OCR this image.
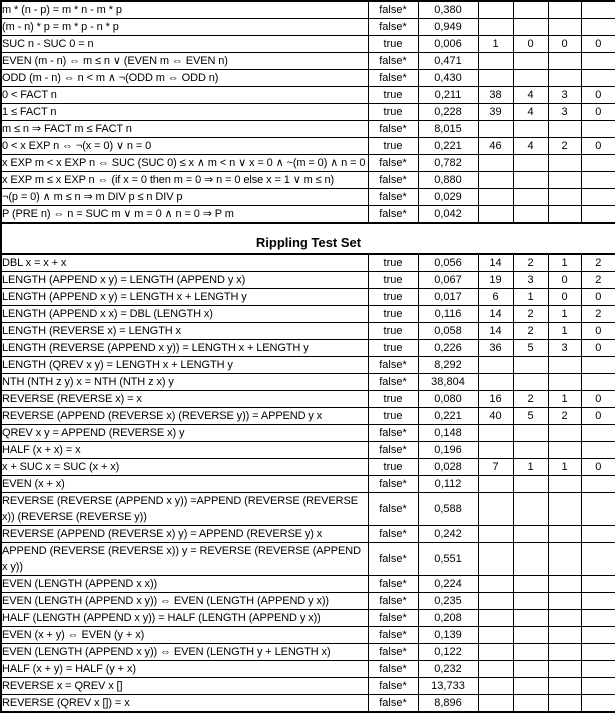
m * (n - p) = m * n - m * p	false*	0,380				
(m - n) * p = m * p - n * p	false*	0,949				
SUC n - SUC 0 = n	true	0,006	1	0	0	0
EVEN (m - n) ⇔ m ≤ n ∨ (EVEN m ⇔ EVEN n)	false*	0,471				
ODD (m - n) ⇔ n < m ∧ ¬(ODD m ⇔ ODD n)	false*	0,430				
0 < FACT n	true	0,211	38	4	3	0
1 ≤ FACT n	true	0,228	39	4	3	0
m ≤ n ⇒ FACT m ≤ FACT n	false*	8,015				
0 < x EXP n ⇔ ¬(x = 0) ∨ n = 0	true	0,221	46	4	2	0
x EXP m < x EXP n ⇔ SUC (SUC 0) ≤ x ∧ m < n ∨ x = 0 ∧ ~(m = 0) ∧ n = 0	false*	0,782				
x EXP m ≤ x EXP n ⇔ (if x = 0 then m = 0 ⇒ n = 0 else x = 1 ∨ m ≤ n)	false*	0,880				
¬(p = 0) ∧ m ≤ n ⇒ m DIV p ≤ n DIV p	false*	0,029				
P (PRE n) ⇔ n = SUC m ∨ m = 0 ∧ n = 0 ⇒ P m	false*	0,042				
Rippling Test Set						
DBL x = x + x	true	0,056	14	2	1	2
LENGTH (APPEND x y) = LENGTH (APPEND y x)	true	0,067	19	3	0	2
LENGTH (APPEND x y) = LENGTH x + LENGTH y	true	0,017	6	1	0	0
LENGTH (APPEND x x) = DBL (LENGTH x)	true	0,116	14	2	1	2
LENGTH (REVERSE x) = LENGTH x	true	0,058	14	2	1	0
LENGTH (REVERSE (APPEND x y)) = LENGTH x + LENGTH y	true	0,226	36	5	3	0
LENGTH (QREV x y) = LENGTH x + LENGTH y	false*	8,292				
NTH (NTH z y) x = NTH (NTH z x) y	false*	38,804				
REVERSE (REVERSE x) = x	true	0,080	16	2	1	0
REVERSE (APPEND (REVERSE x) (REVERSE y)) = APPEND y x	true	0,221	40	5	2	0
QREV x y = APPEND (REVERSE x) y	false*	0,148				
HALF (x + x) = x	false*	0,196				
x + SUC x = SUC (x + x)	true	0,028	7	1	1	0
EVEN (x + x)	false*	0,112				
REVERSE (REVERSE (APPEND x y)) =APPEND (REVERSE (REVERSE x)) (REVERSE (REVERSE y))	false*	0,588				
REVERSE (APPEND (REVERSE x) y) = APPEND (REVERSE y) x	false*	0,242				
APPEND (REVERSE (REVERSE x)) y = REVERSE (REVERSE (APPEND x y))	false*	0,551				
EVEN (LENGTH (APPEND x x))	false*	0,224				
EVEN (LENGTH (APPEND x y)) ⇔ EVEN (LENGTH (APPEND y x))	false*	0,235				
HALF (LENGTH (APPEND x y)) = HALF (LENGTH (APPEND y x))	false*	0,208				
EVEN (x + y) ⇔ EVEN (y + x)	false*	0,139				
EVEN (LENGTH (APPEND x y)) ⇔ EVEN (LENGTH y + LENGTH x)	false*	0,122				
HALF (x + y) = HALF (y + x)	false*	0,232				
REVERSE x = QREV x []	false*	13,733				
REVERSE (QREV x []) = x	false*	8,896				
